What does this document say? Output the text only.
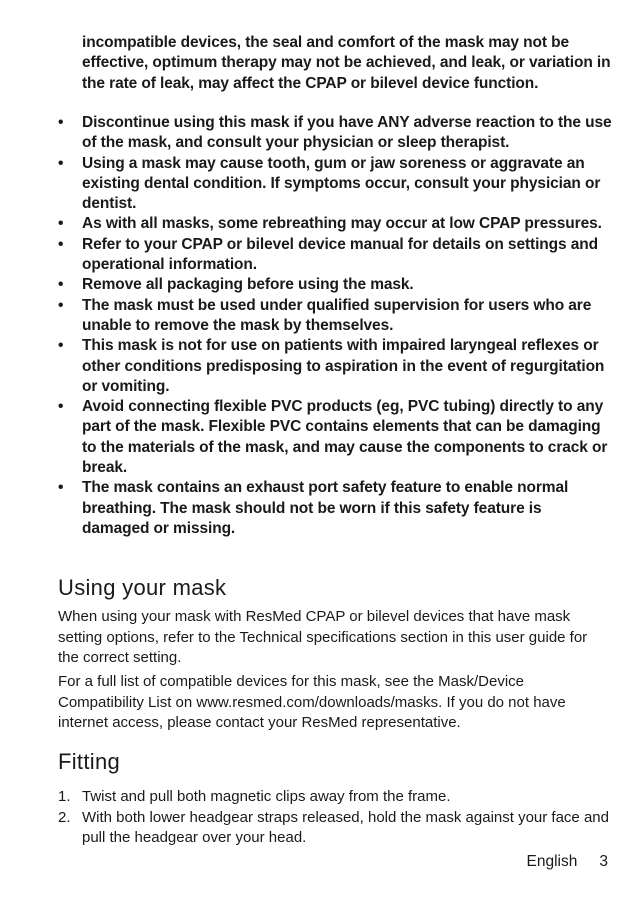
incompatible devices, the seal and comfort of the mask may not be effective, optimum therapy may not be achieved, and leak, or variation in the rate of leak, may affect the CPAP or bilevel device function.

• Discontinue using this mask if you have ANY adverse reaction to the use of the mask, and consult your physician or sleep therapist.
• Using a mask may cause tooth, gum or jaw soreness or aggravate an existing dental condition. If symptoms occur, consult your physician or dentist.
• As with all masks, some rebreathing may occur at low CPAP pressures.
• Refer to your CPAP or bilevel device manual for details on settings and operational information.
• Remove all packaging before using the mask.
• The mask must be used under qualified supervision for users who are unable to remove the mask by themselves.
• This mask is not for use on patients with impaired laryngeal reflexes or other conditions predisposing to aspiration in the event of regurgitation or vomiting.
• Avoid connecting flexible PVC products (eg, PVC tubing) directly to any part of the mask. Flexible PVC contains elements that can be damaging to the materials of the mask, and may cause the components to crack or break.
• The mask contains an exhaust port safety feature to enable normal breathing. The mask should not be worn if this safety feature is damaged or missing.
Using your mask

When using your mask with ResMed CPAP or bilevel devices that have mask setting options, refer to the Technical specifications section in this user guide for the correct setting.

For a full list of compatible devices for this mask, see the Mask/Device Compatibility List on www.resmed.com/downloads/masks. If you do not have internet access, please contact your ResMed representative.

Fitting
1. Twist and pull both magnetic clips away from the frame.
2. With both lower headgear straps released, hold the mask against your face and pull the headgear over your head.
English 3
